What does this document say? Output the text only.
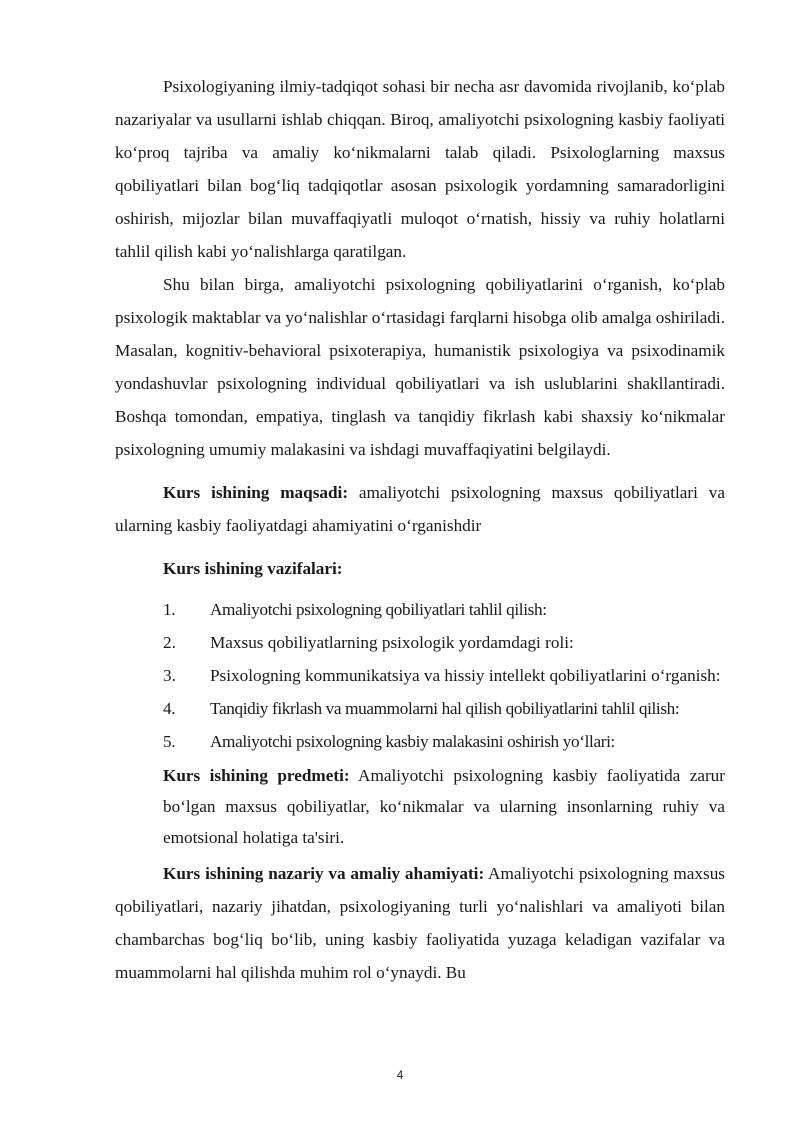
Psixologiyaning ilmiy-tadqiqot sohasi bir necha asr davomida rivojlanib, ko‘plab nazariyalar va usullarni ishlab chiqqan. Biroq, amaliyotchi psixologning kasbiy faoliyati ko‘proq tajriba va amaliy ko‘nikmalarni talab qiladi. Psixologlarning maxsus qobiliyatlari bilan bog‘liq tadqiqotlar asosan psixologik yordamning samaradorligini oshirish, mijozlar bilan muvaffaqiyatli muloqot o‘rnatish, hissiy va ruhiy holatlarni tahlil qilish kabi yo‘nalishlarga qaratilgan.

Shu bilan birga, amaliyotchi psixologning qobiliyatlarini o‘rganish, ko‘plab psixologik maktablar va yo‘nalishlar o‘rtasidagi farqlarni hisobga olib amalga oshiriladi. Masalan, kognitiv-behavioral psixoterapiya, humanistik psixologiya va psixodinamik yondashuvlar psixologning individual qobiliyatlari va ish uslublarini shakllantiradi. Boshqa tomondan, empatiya, tinglash va tanqidiy fikrlash kabi shaxsiy ko‘nikmalar psixologning umumiy malakasini va ishdagi muvaffaqiyatini belgilaydi.

Kurs ishining maqsadi: amaliyotchi psixologning maxsus qobiliyatlari va ularning kasbiy faoliyatdagi ahamiyatini o‘rganishdir

Kurs ishining vazifalari:

1. Amaliyotchi psixologning qobiliyatlari tahlil qilish:

2. Maxsus qobiliyatlarning psixologik yordamdagi roli:

3. Psixologning kommunikatsiya va hissiy intellekt qobiliyatlarini o‘rganish:

4. Tanqidiy fikrlash va muammolarni hal qilish qobiliyatlarini tahlil qilish:

5. Amaliyotchi psixologning kasbiy malakasini oshirish yo‘llari:

Kurs ishining predmeti: Amaliyotchi psixologning kasbiy faoliyatida zarur bo‘lgan maxsus qobiliyatlar, ko‘nikmalar va ularning insonlarning ruhiy va emotsional holatiga ta'siri.

Kurs ishining nazariy va amaliy ahamiyati: Amaliyotchi psixologning maxsus qobiliyatlari, nazariy jihatdan, psixologiyaning turli yo‘nalishlari va amaliyoti bilan chambarchas bog‘liq bo‘lib, uning kasbiy faoliyatida yuzaga keladigan vazifalar va muammolarni hal qilishda muhim rol o‘ynaydi. Bu

4
